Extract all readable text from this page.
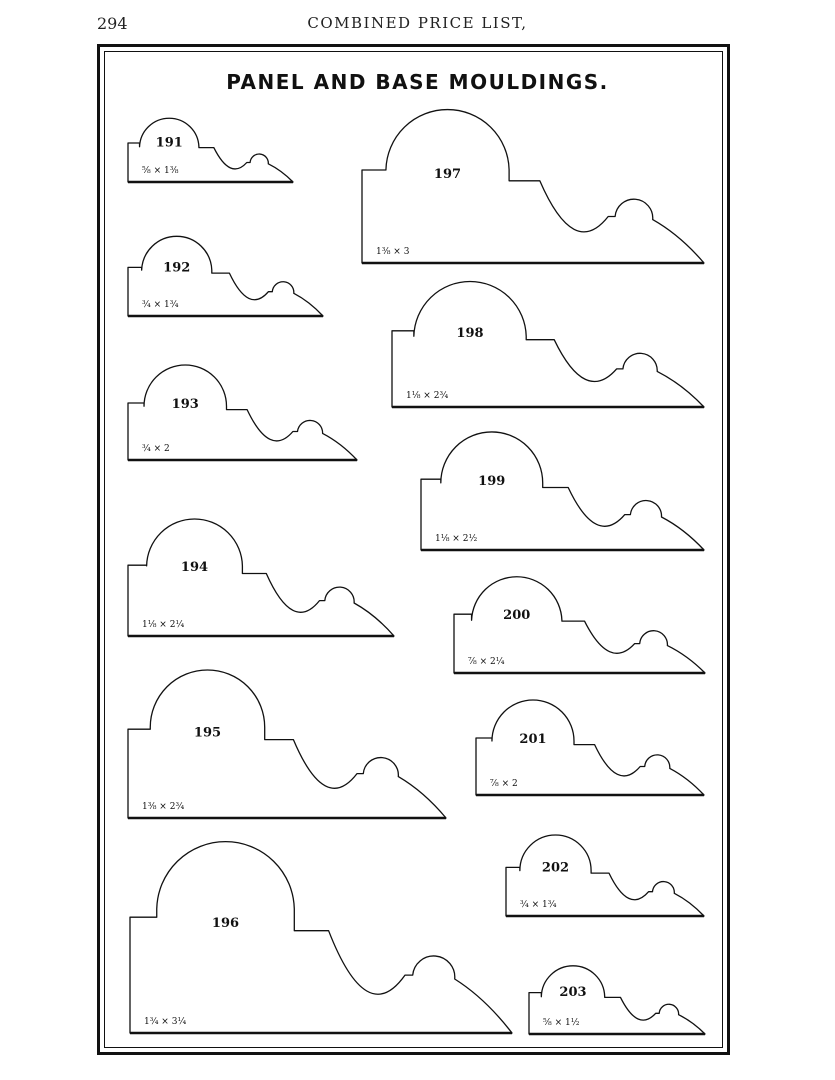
294	COMBINED PRICE LIST,
PANEL AND BASE MOULDINGS.
191
⅝ × 1⅜
192
¾ × 1¾
193
¾ × 2
194
1⅛ × 2¼
195
1⅜ × 2¾
196
1¾ × 3¼
197
1⅜ × 3
198
1⅛ × 2¾
199
1⅛ × 2½
200
⅞ × 2¼
201
⅞ × 2
202
¾ × 1¾
203
⅝ × 1½
